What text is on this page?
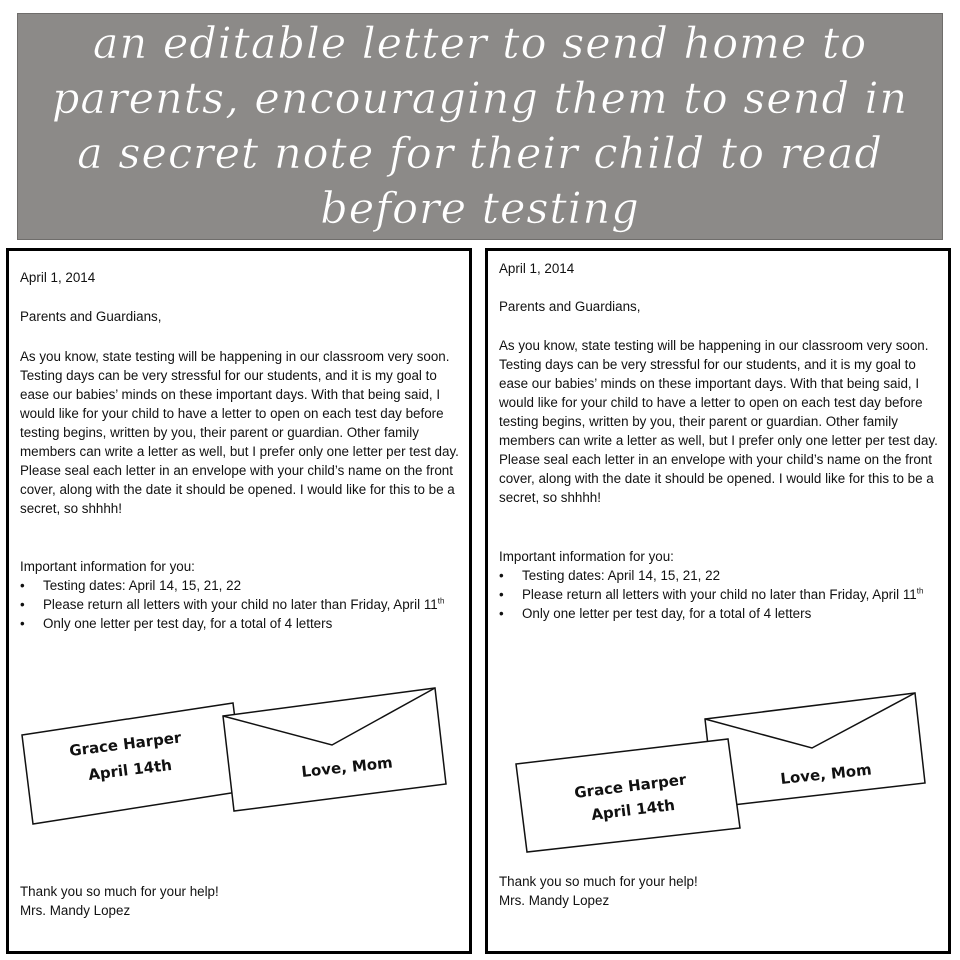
an editable letter to send home to parents, encouraging them to send in a secret note for their child to read before testing

April 1, 2014

Parents and Guardians,

As you know, state testing will be happening in our classroom very soon. Testing days can be very stressful for our students, and it is my goal to ease our babies’ minds on these important days. With that being said, I would like for your child to have a letter to open on each test day before testing begins, written by you, their parent or guardian. Other family members can write a letter as well, but I prefer only one letter per test day. Please seal each letter in an envelope with your child’s name on the front cover, along with the date it should be opened. I would like for this to be a secret, so shhhh!

Important information for you:

• Testing dates: April 14, 15, 21, 22
• Please return all letters with your child no later than Friday, April 11th
• Only one letter per test day, for a total of 4 letters
Grace Harper
April 14th	Love, Mom

Thank you so much for your help!

Mrs. Mandy Lopez

April 1, 2014

Parents and Guardians,

As you know, state testing will be happening in our classroom very soon. Testing days can be very stressful for our students, and it is my goal to ease our babies’ minds on these important days. With that being said, I would like for your child to have a letter to open on each test day before testing begins, written by you, their parent or guardian. Other family members can write a letter as well, but I prefer only one letter per test day. Please seal each letter in an envelope with your child’s name on the front cover, along with the date it should be opened. I would like for this to be a secret, so shhhh!

Important information for you:

• Testing dates: April 14, 15, 21, 22
• Please return all letters with your child no later than Friday, April 11th
• Only one letter per test day, for a total of 4 letters
Love, Mom
Grace Harper
April 14th

Thank you so much for your help!

Mrs. Mandy Lopez
